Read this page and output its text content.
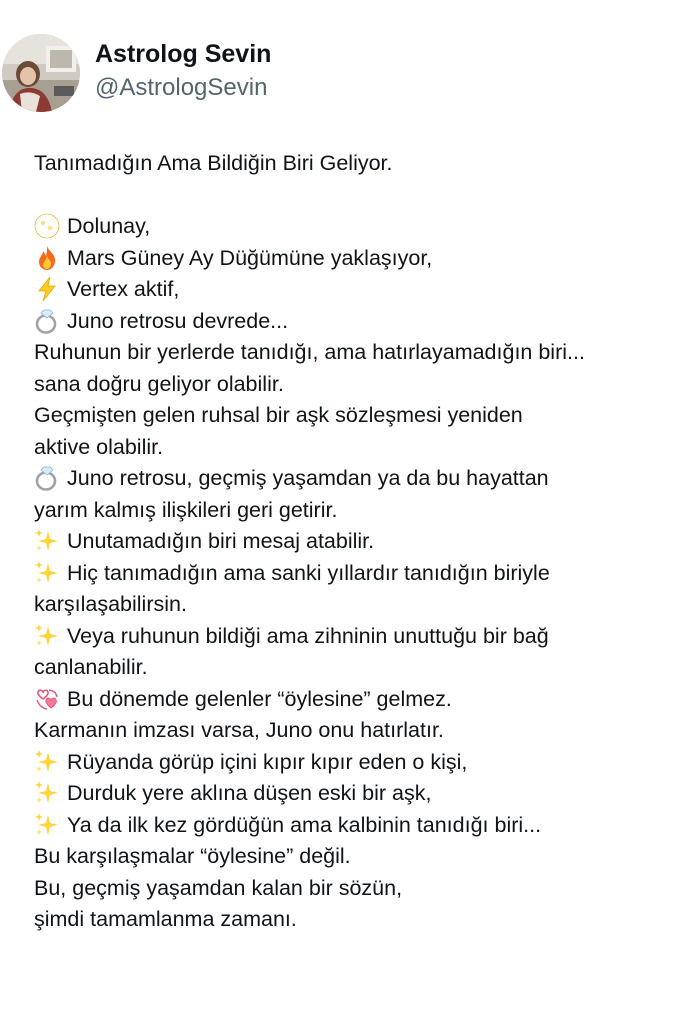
Astrolog Sevin
@AstrologSevin
Tanımadığın Ama Bildiğin Biri Geliyor.
Dolunay,
Mars Güney Ay Düğümüne yaklaşıyor,
Vertex aktif,
Juno retrosu devrede...
Ruhunun bir yerlerde tanıdığı, ama hatırlayamadığın biri...
sana doğru geliyor olabilir.
Geçmişten gelen ruhsal bir aşk sözleşmesi yeniden
aktive olabilir.
Juno retrosu, geçmiş yaşamdan ya da bu hayattan
yarım kalmış ilişkileri geri getirir.
Unutamadığın biri mesaj atabilir.
Hiç tanımadığın ama sanki yıllardır tanıdığın biriyle
karşılaşabilirsin.
Veya ruhunun bildiği ama zihninin unuttuğu bir bağ
canlanabilir.
Bu dönemde gelenler “öylesine” gelmez.
Karmanın imzası varsa, Juno onu hatırlatır.
Rüyanda görüp içini kıpır kıpır eden o kişi,
Durduk yere aklına düşen eski bir aşk,
Ya da ilk kez gördüğün ama kalbinin tanıdığı biri...
Bu karşılaşmalar “öylesine” değil.
Bu, geçmiş yaşamdan kalan bir sözün,
şimdi tamamlanma zamanı.
